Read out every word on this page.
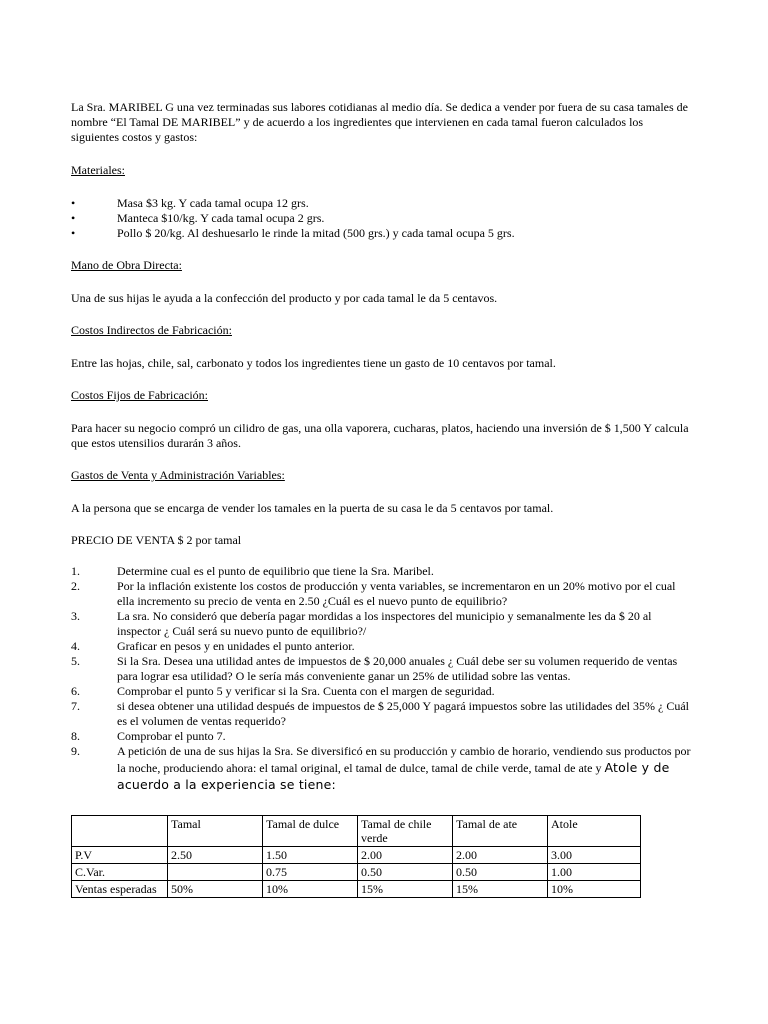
La Sra. MARIBEL G una vez terminadas sus labores cotidianas al medio día. Se dedica a vender por fuera de su casa tamales de nombre “El Tamal DE MARIBEL” y de acuerdo a los ingredientes que intervienen en cada tamal fueron calculados los siguientes costos y gastos:

Materiales:

•	Masa $3 kg. Y cada tamal ocupa 12 grs.
•	Manteca $10/kg. Y cada tamal ocupa 2 grs.
•	Pollo $ 20/kg. Al deshuesarlo le rinde la mitad (500 grs.) y cada tamal ocupa 5 grs.

Mano de Obra Directa:

Una de sus hijas le ayuda a la confección del producto y por cada tamal le da 5 centavos.

Costos Indirectos de Fabricación:

Entre las hojas, chile, sal, carbonato y todos los ingredientes tiene un gasto de 10 centavos por tamal.

Costos Fijos de Fabricación:

Para hacer su negocio compró un cilidro de gas, una olla vaporera, cucharas, platos, haciendo una inversión de $ 1,500 Y calcula que estos utensilios durarán 3 años.

Gastos de Venta y Administración Variables:

A la persona que se encarga de vender los tamales en la puerta de su casa le da 5 centavos por tamal.

PRECIO DE VENTA $ 2 por tamal

1.	Determine cual es el punto de equilibrio que tiene la Sra. Maribel.
2.	Por la inflación existente los costos de producción y venta variables, se incrementaron en un 20% motivo por el cual ella incremento su precio de venta en 2.50 ¿Cuál es el nuevo punto de equilibrio?
3.	La sra. No consideró que debería pagar mordidas a los inspectores del municipio y semanalmente les da $ 20 al inspector ¿ Cuál será su nuevo punto de equilibrio?/
4.	Graficar en pesos y en unidades el punto anterior.
5.	Si la Sra. Desea una utilidad antes de impuestos de $ 20,000 anuales ¿ Cuál debe ser su volumen requerido de ventas para lograr esa utilidad? O le sería más conveniente ganar un 25% de utilidad sobre las ventas.
6.	Comprobar el punto 5 y verificar si la Sra. Cuenta con el margen de seguridad.
7.	si desea obtener una utilidad después de impuestos de $ 25,000 Y pagará impuestos sobre las utilidades del 35% ¿ Cuál es el volumen de ventas requerido?
8.	Comprobar el punto 7.
9.	A petición de una de sus hijas la Sra. Se diversificó en su producción y cambio de horario, vendiendo sus productos por la noche, produciendo ahora: el tamal original, el tamal de dulce, tamal de chile verde, tamal de ate y Atole y de acuerdo a la experiencia se tiene:
	Tamal	Tamal de dulce	Tamal de chile verde	Tamal de ate	Atole
P.V	2.50	1.50	2.00	2.00	3.00
C.Var.		0.75	0.50	0.50	1.00
Ventas esperadas	50%	10%	15%	15%	10%
